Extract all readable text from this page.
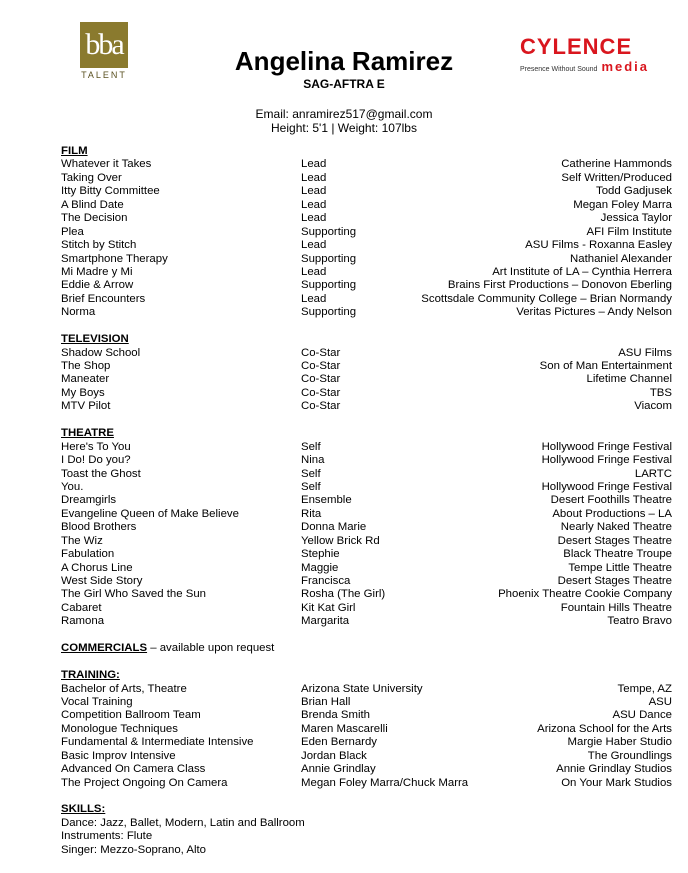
bba
TALENT
CYLENCE
Presence Without Sound media
Angelina Ramirez
SAG-AFTRA E
Email: anramirez517@gmail.com
Height: 5'1 | Weight: 107lbs
FILM
Whatever it Takes	Lead	Catherine Hammonds
Taking Over	Lead	Self Written/Produced
Itty Bitty Committee	Lead	Todd Gadjusek
A Blind Date	Lead	Megan Foley Marra
The Decision	Lead	Jessica Taylor
Plea	Supporting	AFI Film Institute
Stitch by Stitch	Lead	ASU Films - Roxanna Easley
Smartphone Therapy	Supporting	Nathaniel Alexander
Mi Madre y Mi	Lead	Art Institute of LA – Cynthia Herrera
Eddie & Arrow	Supporting	Brains First Productions – Donovon Eberling
Brief Encounters	Lead	Scottsdale Community College – Brian Normandy
Norma	Supporting	Veritas Pictures – Andy Nelson
TELEVISION
Shadow School	Co-Star	ASU Films
The Shop	Co-Star	Son of Man Entertainment
Maneater	Co-Star	Lifetime Channel
My Boys	Co-Star	TBS
MTV Pilot	Co-Star	Viacom
THEATRE
Here's To You	Self	Hollywood Fringe Festival
I Do! Do you?	Nina	Hollywood Fringe Festival
Toast the Ghost	Self	LARTC
You.	Self	Hollywood Fringe Festival
Dreamgirls	Ensemble	Desert Foothills Theatre
Evangeline Queen of Make Believe	Rita	About Productions – LA
Blood Brothers	Donna Marie	Nearly Naked Theatre
The Wiz	Yellow Brick Rd	Desert Stages Theatre
Fabulation	Stephie	Black Theatre Troupe
A Chorus Line	Maggie	Tempe Little Theatre
West Side Story	Francisca	Desert Stages Theatre
The Girl Who Saved the Sun	Rosha (The Girl)	Phoenix Theatre Cookie Company
Cabaret	Kit Kat Girl	Fountain Hills Theatre
Ramona	Margarita	Teatro Bravo
COMMERCIALS – available upon request
TRAINING:
Bachelor of Arts, Theatre	Arizona State University	Tempe, AZ
Vocal Training	Brian Hall	ASU
Competition Ballroom Team	Brenda Smith	ASU Dance
Monologue Techniques	Maren Mascarelli	Arizona School for the Arts
Fundamental & Intermediate Intensive	Eden Bernardy	Margie Haber Studio
Basic Improv Intensive	Jordan Black	The Groundlings
Advanced On Camera Class	Annie Grindlay	Annie Grindlay Studios
The Project Ongoing On Camera	Megan Foley Marra/Chuck Marra	On Your Mark Studios
SKILLS:
Dance: Jazz, Ballet, Modern, Latin and Ballroom
Instruments: Flute
Singer: Mezzo-Soprano, Alto
